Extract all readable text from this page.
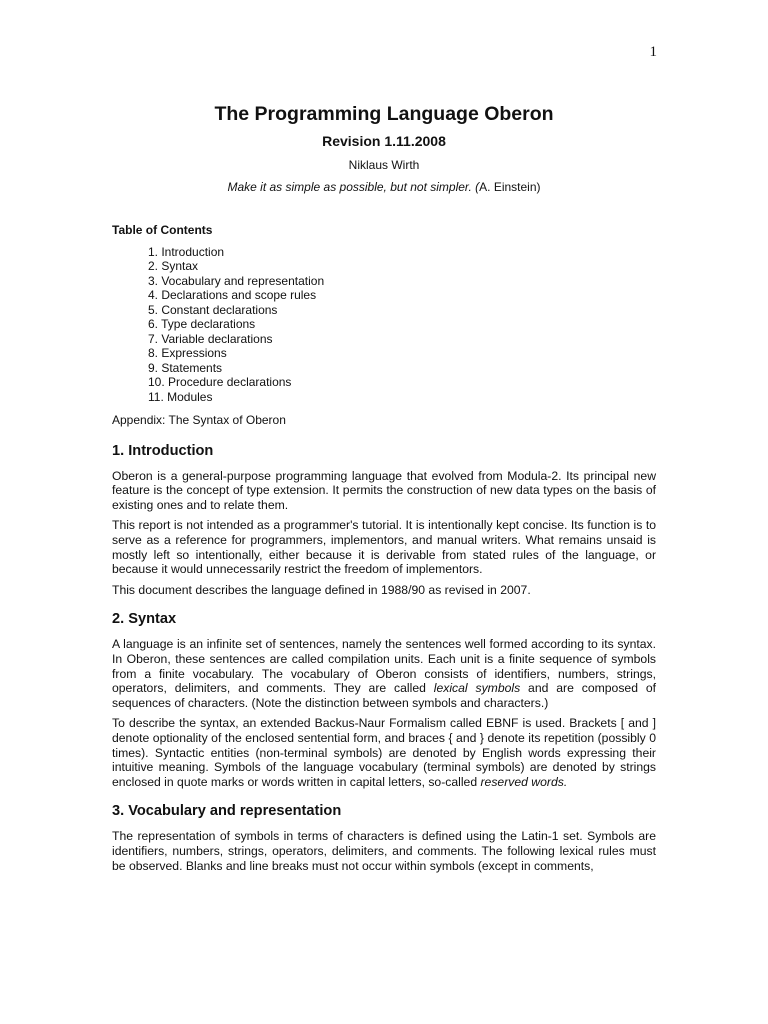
1
The Programming Language Oberon
Revision 1.11.2008
Niklaus Wirth
Make it as simple as possible, but not simpler. (A. Einstein)
Table of Contents
1. Introduction
2. Syntax
3. Vocabulary and representation
4. Declarations and scope rules
5. Constant declarations
6. Type declarations
7. Variable declarations
8. Expressions
9. Statements
10. Procedure declarations
11. Modules
Appendix: The Syntax of Oberon
1. Introduction

Oberon is a general-purpose programming language that evolved from Modula-2. Its principal new feature is the concept of type extension. It permits the construction of new data types on the basis of existing ones and to relate them.

This report is not intended as a programmer's tutorial. It is intentionally kept concise. Its function is to serve as a reference for programmers, implementors, and manual writers. What remains unsaid is mostly left so intentionally, either because it is derivable from stated rules of the language, or because it would unnecessarily restrict the freedom of implementors.

This document describes the language defined in 1988/90 as revised in 2007.

2. Syntax

A language is an infinite set of sentences, namely the sentences well formed according to its syntax. In Oberon, these sentences are called compilation units. Each unit is a finite sequence of symbols from a finite vocabulary. The vocabulary of Oberon consists of identifiers, numbers, strings, operators, delimiters, and comments. They are called lexical symbols and are composed of sequences of characters. (Note the distinction between symbols and characters.)

To describe the syntax, an extended Backus-Naur Formalism called EBNF is used. Brackets [ and ] denote optionality of the enclosed sentential form, and braces { and } denote its repetition (possibly 0 times). Syntactic entities (non-terminal symbols) are denoted by English words expressing their intuitive meaning. Symbols of the language vocabulary (terminal symbols) are denoted by strings enclosed in quote marks or words written in capital letters, so-called reserved words.

3. Vocabulary and representation

The representation of symbols in terms of characters is defined using the Latin-1 set. Symbols are identifiers, numbers, strings, operators, delimiters, and comments. The following lexical rules must be observed. Blanks and line breaks must not occur within symbols (except in comments,
